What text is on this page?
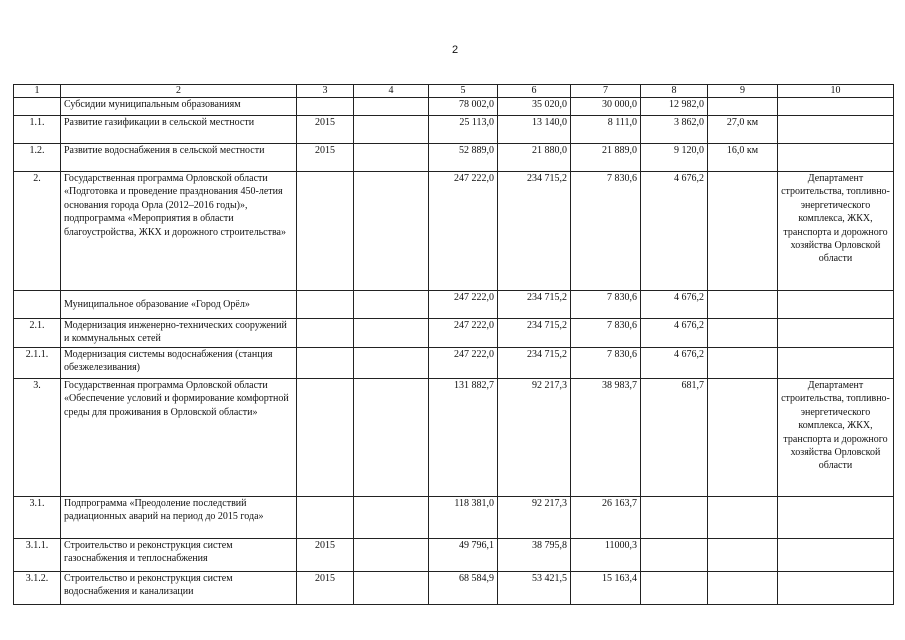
2
1	2	3	4	5	6	7	8	9	10
	Субсидии муниципальным образованиям			78 002,0	35 020,0	30 000,0	12 982,0		
1.1.	Развитие газификации в сельской местности	2015		25 113,0	13 140,0	8 111,0	3 862,0	27,0 км	
1.2.	Развитие водоснабжения в сельской местности	2015		52 889,0	21 880,0	21 889,0	9 120,0	16,0 км	
2.	Государственная программа Орловской области «Подготовка и проведение празднования 450-летия основания города Орла (2012–2016 годы)», подпрограмма «Мероприятия в области благоустройства, ЖКХ и дорожного строительства»			247 222,0	234 715,2	7 830,6	4 676,2		Департамент строительства, топливно-энергетического комплекса, ЖКХ, транспорта и дорожного хозяйства Орловской области
	Муниципальное образование «Город Орёл»			247 222,0	234 715,2	7 830,6	4 676,2		
2.1.	Модернизация инженерно-технических сооружений и коммунальных сетей			247 222,0	234 715,2	7 830,6	4 676,2		
2.1.1.	Модернизация системы водоснабжения (станция обезжелезивания)			247 222,0	234 715,2	7 830,6	4 676,2		
3.	Государственная программа Орловской области «Обеспечение условий и формирование комфортной среды для проживания в Орловской области»			131 882,7	92 217,3	38 983,7	681,7		Департамент строительства, топливно-энергетического комплекса, ЖКХ, транспорта и дорожного хозяйства Орловской области
3.1.	Подпрограмма «Преодоление последствий радиационных аварий на период до 2015 года»			118 381,0	92 217,3	26 163,7			
3.1.1.	Строительство и реконструкция систем газоснабжения и теплоснабжения	2015		49 796,1	38 795,8	11000,3			
3.1.2.	Строительство и реконструкция систем водоснабжения и канализации	2015		68 584,9	53 421,5	15 163,4			
